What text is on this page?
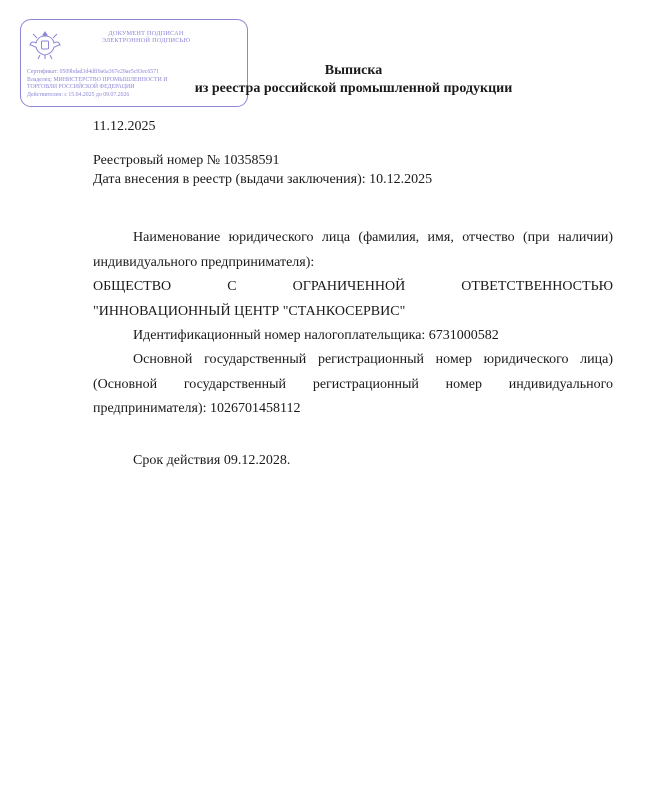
ДОКУМЕНТ ПОДПИСАН
ЭЛЕКТРОННОЙ ПОДПИСЬЮ
Сертификат: 0509bdad3d4dff9a6a367e29ae5c93ec6571
Владелец: МИНИСТЕРСТВО ПРОМЫШЛЕННОСТИ И
ТОРГОВЛИ РОССИЙСКОЙ ФЕДЕРАЦИИ
Действителен: с 15.04.2025 до 09.07.2026
Выписка
из реестра российской промышленной продукции
11.12.2025
Реестровый номер № 10358591
Дата внесения в реестр (выдачи заключения): 10.12.2025
Наименование юридического лица (фамилия, имя, отчество (при наличии) индивидуального предпринимателя):
ОБЩЕСТВО С ОГРАНИЧЕННОЙ ОТВЕТСТВЕННОСТЬЮ
"ИННОВАЦИОННЫЙ ЦЕНТР "СТАНКОСЕРВИС"
Идентификационный номер налогоплательщика: 6731000582
Основной государственный регистрационный номер юридического лица) (Основной государственный регистрационный номер индивидуального предпринимателя): 1026701458112
Срок действия 09.12.2028.
